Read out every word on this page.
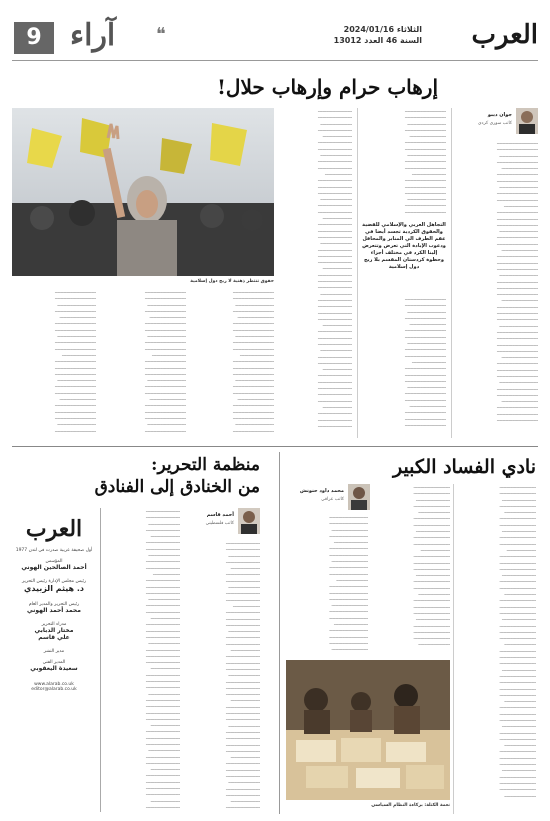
العرب
الثلاثاء 2024/01/16
السنة 46 العدد 13012
❝
آراء
9
إرهاب حرام وإرهاب حلال!
جوان ديبو
كاتب سوري كردي
‏ـــــــــــــــــــــــــــــــــــ
‏ـــــــــــــــــــــــــــــــــــ
‏ـــــــــــــــــــــــــــــــــ
‏ـــــــــــــــــــــــــــــــــــ
‏ـــــــــــــــــــــــــــــــ
‏ـــــــــــــــــــــــــــــــــــ
‏ـــــــــــــــــــــــــــــــــــ
‏ـــــــــــــــــــــــــــــــــ
‏ـــــــــــــــــــــــــــــــــــ
‏ـــــــــــــــــــــــــــــــــــ
‏ـــــــــــــــــــــــــــــ
‏ـــــــــــــــــــــــــــــــــــ
‏ـــــــــــــــــــــــــــــــــــ
‏ـــــــــــــــــــــــــــــــــــ
‏ـــــــــــــــــــــــــــــــــ
‏ـــــــــــــــــــــــــــــــــــ
‏ـــــــــــــــــــــــــــــــــــ
‏ـــــــــــــــــــــــــــــــ
‏ـــــــــــــــــــــــــــــــــــ
‏ـــــــــــــــــــــــــــــــــــ
‏ـــــــــــــــــــــــــــــــــــ
‏ـــــــــــــــــــــــــــــــــ
‏ـــــــــــــــــــــــــــــــــــ
‏ـــــــــــــــــــــــــــــــــــ
‏ـــــــــــــــــــــــــــــــــــ
‏ـــــــــــــــــــــــــــــــ
‏ـــــــــــــــــــــــــــــــــــ
‏ـــــــــــــــــــــــــــــــــــ
‏ـــــــــــــــــــــــــــــــــــ
‏ـــــــــــــــــــــــــــــــــ
‏ـــــــــــــــــــــــــــــــــــ
‏ـــــــــــــــــــــــــــــــــــ
‏ـــــــــــــــــــــــــــــــــــ
‏ـــــــــــــــــــــــــــــــــــ
‏ـــــــــــــــــــــــــــــــ
‏ـــــــــــــــــــــــــــــــــــ
‏ـــــــــــــــــــــــــــــــــــ
‏ـــــــــــــــــــــــــــــــــــ
‏ـــــــــــــــــــــــــــــــــ
‏ـــــــــــــــــــــــــــــــــــ
‏ـــــــــــــــــــــــــــــــــــ
‏ـــــــــــــــــــــــــــــــ
‏ـــــــــــــــــــــــــــــــــــ
‏ـــــــــــــــــــــــــــــــــــ
‏ـــــــــــــــــــــــــــــــــــ
‏ـــــــــــــــــــــــــــــــــــ
‏ـــــــــــــــــــــــــــــــــــ
‏ـــــــــــــــــــــــــــــــــ
‏ـــــــــــــــــــــــــــــــــــ
‏ـــــــــــــــــــــــــــــــ
‏ـــــــــــــــــــــــــــــــــــ
‏ـــــــــــــــــــــــــــــــــــ
‏ـــــــــــــــــــــــــــــــــ
‏ـــــــــــــــــــــــــــــــــــ
‏ـــــــــــــــــــــــــــــــــــ
‏ـــــــــــــــــــــــــــــ
‏ـــــــــــــــــــــــــــــــــــ
‏ـــــــــــــــــــــــــــــــــــ
‏ـــــــــــــــــــــــــــــــــــ
‏ـــــــــــــــــــــــــــــــــ
‏ـــــــــــــــــــــــــــــــــــ
‏ـــــــــــــــــــــــــــــــــــ
التجاهل العربي والإسلامي للقضية والحقوق الكردية تجسد أيضا في عقم الطرف الي المنابر والمحافل ودعوب الإبادة التي تعرض وتتعرض إلينا الكرد في مختلف أجزاء وحظوة كردستان المقسم بلا ربح دول إسلامية
‏ـــــــــــــــــــــــــــــــــــ
‏ـــــــــــــــــــــــــــــــــــ
‏ـــــــــــــــــــــــــــــــــ
‏ـــــــــــــــــــــــــــــــــــ
‏ـــــــــــــــــــــــــــــــ
‏ـــــــــــــــــــــــــــــــــــ
‏ـــــــــــــــــــــــــــــــــــ
‏ـــــــــــــــــــــــــــــــــ
‏ـــــــــــــــــــــــــــــــــــ
‏ـــــــــــــــــــــــــــــــــــ
‏ـــــــــــــــــــــــــــــ
‏ـــــــــــــــــــــــــــــــــــ
‏ـــــــــــــــــــــــــــــــــــ
‏ـــــــــــــــــــــــــــــــــــ
‏ـــــــــــــــــــــــــــــــــ
‏ـــــــــــــــــــــــــــــــــــ
‏ـــــــــــــــــــــــــــــــــــ
‏ـــــــــــــــــــــــــــــــ
‏ـــــــــــــــــــــــــــــــــــ
‏ـــــــــــــــــــــــــــــــــــ
‏ـــــــــــــــــــــــــــــــــــ
‏ـــــــــــــــــــــــــــــ
‏ـــــــــــــــــــــــــــــ
‏ـــــــــــــــــــــــــــ
‏ـــــــــــــــــــــــــــــ
‏ـــــــــــــــــــــــــ
‏ـــــــــــــــــــــــــــــ
‏ـــــــــــــــــــــــــــــ
‏ـــــــــــــــــــــــــــ
‏ـــــــــــــــــــــــــــــ
‏ـــــــــــــــــــــــــــــ
‏ـــــــــــــــــــــــ
‏ـــــــــــــــــــــــــــــ
‏ـــــــــــــــــــــــــــــ
‏ـــــــــــــــــــــــــــــ
‏ـــــــــــــــــــــــــــ
‏ـــــــــــــــــــــــــــــ
‏ـــــــــــــــــــــــــــــ
‏ـــــــــــــــــــــــــ
‏ـــــــــــــــــــــــــــــ
‏ـــــــــــــــــــــــــــــ
‏ـــــــــــــــــــــــــــــ
‏ـــــــــــــــــــــــــــ
‏ـــــــــــــــــــــــــــــ
‏ـــــــــــــــــــــــــــــ
‏ـــــــــــــــــــــــــــــ
‏ـــــــــــــــــــــــــ
‏ـــــــــــــــــــــــــــــ
‏ـــــــــــــــــــــــــــــ
‏ـــــــــــــــــــــــــــــ
‏ـــــــــــــــــــــــــــ
‏ـــــــــــــــــــــــــــــ
‏ـــــــــــــــــــــــــــــ
‏ـــــــــــــــــــــــــــــ
‏ـــــــــــــــــــــــــــــ
‏ـــــــــــــــــــــــــ
‏ـــــــــــــــــــــــــــــ
‏ـــــــــــــــــــــــــــــ
‏ـــــــــــــــــــــــــــــ
‏ـــــــــــــــــــــــــــ
‏ـــــــــــــــــــــــــــــ
‏ـــــــــــــــــــــــــــــ
‏ـــــــــــــــــــــــــ
‏ـــــــــــــــــــــــــــــ
‏ـــــــــــــــــــــــــــــ
‏ـــــــــــــــــــــــــــــ
‏ـــــــــــــــــــــــــــــ
‏ـــــــــــــــــــــــــــــ
‏ـــــــــــــــــــــــــ
‏ـــــــــــــــــــــــــــــ
‏ـــــــــــــــــــــــــــــ
‏ـــــــــــــــــــــــــــــ
حقوق تنتظر ذهنية لا ربح دول إسلامية
‏ـــــــــــــــــــــــــــــــــــ
‏ـــــــــــــــــــــــــــــــــــ
‏ـــــــــــــــــــــــــــــــــ
‏ـــــــــــــــــــــــــــــــــــ
‏ـــــــــــــــــــــــــــــــ
‏ـــــــــــــــــــــــــــــــــــ
‏ـــــــــــــــــــــــــــــــــــ
‏ـــــــــــــــــــــــــــــــــ
‏ـــــــــــــــــــــــــــــــــــ
‏ـــــــــــــــــــــــــــــــــــ
‏ـــــــــــــــــــــــــــــ
‏ـــــــــــــــــــــــــــــــــــ
‏ـــــــــــــــــــــــــــــــــــ
‏ـــــــــــــــــــــــــــــــــــ
‏ـــــــــــــــــــــــــــــــــ
‏ـــــــــــــــــــــــــــــــــــ
‏ـــــــــــــــــــــــــــــــــــ
‏ـــــــــــــــــــــــــــــــ
‏ـــــــــــــــــــــــــــــــــــ
‏ـــــــــــــــــــــــــــــــــــ
‏ـــــــــــــــــــــــــــــــــــ
‏ـــــــــــــــــــــــــــــــــ
‏ـــــــــــــــــــــــــــــــــــ
‏ـــــــــــــــــــــــــــــــــــ
‏ـــــــــــــــــــــــــــــــــــ
‏ـــــــــــــــــــــــــــــــــ
‏ـــــــــــــــــــــــــــــــــــ
‏ـــــــــــــــــــــــــــــــ
‏ـــــــــــــــــــــــــــــــــــ
‏ـــــــــــــــــــــــــــــــــــ
‏ـــــــــــــــــــــــــــــــــ
‏ـــــــــــــــــــــــــــــــــــ
‏ـــــــــــــــــــــــــــــــــــ
‏ـــــــــــــــــــــــــــــ
‏ـــــــــــــــــــــــــــــــــــ
‏ـــــــــــــــــــــــــــــــــــ
‏ـــــــــــــــــــــــــــــــــــ
‏ـــــــــــــــــــــــــــــــــ
‏ـــــــــــــــــــــــــــــــــــ
‏ـــــــــــــــــــــــــــــــــــ
‏ـــــــــــــــــــــــــــــــ
‏ـــــــــــــــــــــــــــــــــــ
‏ـــــــــــــــــــــــــــــــــــ
‏ـــــــــــــــــــــــــــــــــــ
‏ـــــــــــــــــــــــــــــــــ
‏ـــــــــــــــــــــــــــــــــــ
‏ـــــــــــــــــــــــــــــــــــ
‏ـــــــــــــــــــــــــــــــــــ
‏ـــــــــــــــــــــــــــــــــ
‏ـــــــــــــــــــــــــــــــــــ
‏ـــــــــــــــــــــــــــــــ
‏ـــــــــــــــــــــــــــــــــــ
‏ـــــــــــــــــــــــــــــــــــ
‏ـــــــــــــــــــــــــــــــــ
‏ـــــــــــــــــــــــــــــــــــ
‏ـــــــــــــــــــــــــــــــــــ
‏ـــــــــــــــــــــــــــــ
‏ـــــــــــــــــــــــــــــــــــ
‏ـــــــــــــــــــــــــــــــــــ
‏ـــــــــــــــــــــــــــــــــــ
‏ـــــــــــــــــــــــــــــــــ
‏ـــــــــــــــــــــــــــــــــــ
‏ـــــــــــــــــــــــــــــــــــ
‏ـــــــــــــــــــــــــــــــ
‏ـــــــــــــــــــــــــــــــــــ
‏ـــــــــــــــــــــــــــــــــــ
‏ـــــــــــــــــــــــــــــــــــ
‏ـــــــــــــــــــــــــــــــــ
‏ـــــــــــــــــــــــــــــــــــ
نادي الفساد الكبير
محمد داود حنونش
كاتب عراقي
‏ـــــــــــــــــــــــــــــــ
‏ـــــــــــــــــــــــــــــــ
‏ـــــــــــــــــــــــــــــ
‏ـــــــــــــــــــــــــــــــ
‏ـــــــــــــــــــــــــــ
‏ـــــــــــــــــــــــــــــــ
‏ـــــــــــــــــــــــــــــــ
‏ـــــــــــــــــــــــــــــ
‏ـــــــــــــــــــــــــــــــ
‏ـــــــــــــــــــــــــــــــ
‏ـــــــــــــــــــــــــ
‏ـــــــــــــــــــــــــــــــ
‏ـــــــــــــــــــــــــــــــ
‏ـــــــــــــــــــــــــــــــ
‏ـــــــــــــــــــــــــــــ
‏ـــــــــــــــــــــــــــــــ
‏ـــــــــــــــــــــــــــــــ
‏ـــــــــــــــــــــــــــ
‏ـــــــــــــــــــــــــــــــ
‏ـــــــــــــــــــــــــــــــ
‏ـــــــــــــــــــــــــــــــ
‏ـــــــــــــــــــــــــــــ
‏ـــــــــــــــــــــــــــــــ
‏ـــــــــــــــــــــــــــــــ
‏ـــــــــــــــــــــــــــــــ
‏ـــــــــــــــــــــــــــ
‏ـــــــــــــــــــــــــــــــ
‏ـــــــــــــــــــــــــــــــ
‏ـــــــــــــــــــــــــــــــ
‏ـــــــــــــــــــــــــــــ
‏ـــــــــــــــــــــــــــــــ
‏ـــــــــــــــــــــــــــــــ
‏ـــــــــــــــــــــــــــــــ
‏ـــــــــــــــــــــــــــــــ
‏ـــــــــــــــــــــــــــ
‏ـــــــــــــــــــــــــــــــ
‏ـــــــــــــــــــــــــــــــ
‏ـــــــــــــــــــــــــــــــ
‏ـــــــــــــــــــــــــــــ
‏ـــــــــــــــــــــــــــــــ
‏ـــــــــــــــــــــــــــــــ
‏ـــــــــــــــــــــــــــ
‏ـــــــــــــــــــــــــــــــ
‏ـــــــــــــــــــــــــــــــ
‏ـــــــــــــــــــــــــــــــ
‏ـــــــــــــــــــــــــــــ
‏ـــــــــــــــــــــــــــــــ
‏ـــــــــــــــــــــــــــــــ
‏ـــــــــــــــــــــــــــــــ
‏ـــــــــــــــــــــــــــ
‏ـــــــــــــــــــــــــــــــ
‏ـــــــــــــــــــــــــــــــ
‏ـــــــــــــــــــــــــــــ
‏ـــــــــــــــــــــــــــــــ
‏ـــــــــــــــــــــــــــ
‏ـــــــــــــــــــــــــــــــ
‏ـــــــــــــــــــــــــــــــ
‏ـــــــــــــــــــــــــــــ
‏ـــــــــــــــــــــــــــــــ
‏ـــــــــــــــــــــــــــــــ
‏ـــــــــــــــــــــــــ
‏ـــــــــــــــــــــــــــــــ
‏ـــــــــــــــــــــــــــــــ
‏ـــــــــــــــــــــــــــــــ
‏ـــــــــــــــــــــــــــــ
‏ـــــــــــــــــــــــــــــــ
‏ـــــــــــــــــــــــــــــــ
‏ـــــــــــــــــــــــــــ
‏ـــــــــــــــــــــــــــــــ
‏ـــــــــــــــــــــــــــــــ
‏ـــــــــــــــــــــــــــــــ
‏ـــــــــــــــــــــــــــــ
‏ـــــــــــــــــــــــــــــــ
‏ـــــــــــــــــــــــــــــــ
‏ـــــــــــــــــــــــــــــــ
‏ـــــــــــــــــــــــــــ
‏ـــــــــــــــــــــــــــــــــ
‏ـــــــــــــــــــــــــــــــــ
‏ـــــــــــــــــــــــــــــــ
‏ـــــــــــــــــــــــــــــــــ
‏ـــــــــــــــــــــــــــــ
‏ـــــــــــــــــــــــــــــــــ
‏ـــــــــــــــــــــــــــــــــ
‏ـــــــــــــــــــــــــــــــ
‏ـــــــــــــــــــــــــــــــــ
‏ـــــــــــــــــــــــــــــــــ
‏ـــــــــــــــــــــــــــ
‏ـــــــــــــــــــــــــــــــــ
‏ـــــــــــــــــــــــــــــــــ
‏ـــــــــــــــــــــــــــــــــ
‏ـــــــــــــــــــــــــــــــ
‏ـــــــــــــــــــــــــــــــــ
‏ـــــــــــــــــــــــــــــــــ
‏ـــــــــــــــــــــــــــــ
‏ـــــــــــــــــــــــــــــــــ
‏ـــــــــــــــــــــــــــــــــ
‏ـــــــــــــــــــــــــــــــــ
‏ـــــــــــــــــــــــــــــــ
نعمة الكتلة: بركاءة النظام السياسي
منظمة التحرير:
من الخنادق إلى الفنادق
أحمد قاسم
كاتب فلسطيني
‏ـــــــــــــــــــــــــــــ
‏ـــــــــــــــــــــــــــــ
‏ـــــــــــــــــــــــــــ
‏ـــــــــــــــــــــــــــــ
‏ـــــــــــــــــــــــــ
‏ـــــــــــــــــــــــــــــ
‏ـــــــــــــــــــــــــــــ
‏ـــــــــــــــــــــــــــ
‏ـــــــــــــــــــــــــــــ
‏ـــــــــــــــــــــــــــــ
‏ـــــــــــــــــــــــ
‏ـــــــــــــــــــــــــــــ
‏ـــــــــــــــــــــــــــــ
‏ـــــــــــــــــــــــــــــ
‏ـــــــــــــــــــــــــــ
‏ـــــــــــــــــــــــــــــ
‏ـــــــــــــــــــــــــــــ
‏ـــــــــــــــــــــــــ
‏ـــــــــــــــــــــــــــــ
‏ـــــــــــــــــــــــــــــ
‏ـــــــــــــــــــــــــــــ
‏ـــــــــــــــــــــــــــ
‏ـــــــــــــــــــــــــــــ
‏ـــــــــــــــــــــــــــــ
‏ـــــــــــــــــــــــــــــ
‏ـــــــــــــــــــــــــ
‏ـــــــــــــــــــــــــــــ
‏ـــــــــــــــــــــــــــــ
‏ـــــــــــــــــــــــــــــ
‏ـــــــــــــــــــــــــــ
‏ـــــــــــــــــــــــــــــ
‏ـــــــــــــــــــــــــــــ
‏ـــــــــــــــــــــــــــــ
‏ـــــــــــــــــــــــــــــ
‏ـــــــــــــــــــــــــ
‏ـــــــــــــــــــــــــــــ
‏ـــــــــــــــــــــــــــــ
‏ـــــــــــــــــــــــــــــ
‏ـــــــــــــــــــــــــــ
‏ـــــــــــــــــــــــــــــ
‏ـــــــــــــــــــــــــــــ
‏ـــــــــــــــــــــــــ
‏ـــــــــــــــــــــــــــــ
‏ـــــــــــــــــــــــــــــ
‏ـــــــــــــــــــــــــــــ
‏ـــــــــــــــــــــــــــ
‏ـــــــــــــــــــــــــــــ
‏ـــــــــــــــــــــــــ
‏ـــــــــــــــــــــــــــــ
‏ـــــــــــــــــــــــــــــ
‏ـــــــــــــــــــــــــــ
‏ـــــــــــــــــــــــــــــ
‏ـــــــــــــــــــــــــــــ
‏ـــــــــــــــــــــــ
‏ـــــــــــــــــــــــــــــ
‏ـــــــــــــــــــــــــــــ
‏ـــــــــــــــــــــــــــــ
‏ـــــــــــــــــــــــــــ
‏ـــــــــــــــــــــــــــــ
‏ـــــــــــــــــــــــــــــ
‏ـــــــــــــــــــــــــ
‏ـــــــــــــــــــــــــــــ
‏ـــــــــــــــــــــــــــــ
‏ـــــــــــــــــــــــــــــ
‏ـــــــــــــــــــــــــــ
‏ـــــــــــــــــــــــــــــ
‏ـــــــــــــــــــــــــــــ
‏ـــــــــــــــــــــــــــــ
‏ـــــــــــــــــــــــــ
‏ـــــــــــــــــــــــــــــ
‏ـــــــــــــــــــــــــــــ
‏ـــــــــــــــــــــــــــــ
‏ـــــــــــــــــــــــــــ
‏ـــــــــــــــــــــــــــــ
‏ـــــــــــــــــــــــــــــ
‏ـــــــــــــــــــــــــــــ
‏ـــــــــــــــــــــــــــــ
‏ـــــــــــــــــــــــــ
‏ـــــــــــــــــــــــــــــ
‏ـــــــــــــــــــــــــــــ
‏ـــــــــــــــــــــــــــــ
‏ـــــــــــــــــــــــــــ
‏ـــــــــــــــــــــــــــــ
‏ـــــــــــــــــــــــــــــ
‏ـــــــــــــــــــــــــ
‏ـــــــــــــــــــــــــــــ
‏ـــــــــــــــــــــــــــــ
‏ـــــــــــــــــــــــــــــ
‏ـــــــــــــــــــــــــــــ
‏ـــــــــــــــــــــــــ
‏ـــــــــــــــــــــــــــــ
العرب
أول صحيفة عربية صدرت في لندن 1977
المؤسس
أحمد الصالحين الهوني
رئيس مجلس الإدارة رئيس التحرير
د. هيثم الزبيدي
رئيس التحرير والمدير العام
محمد أحمد الهوني
مدراء التحرير
مختار الدبابي
علي قاسم
مدير النشر
المدير الفني
سعيدة اليعقوبي
www.alarab.co.uk
editor@alarab.co.uk
